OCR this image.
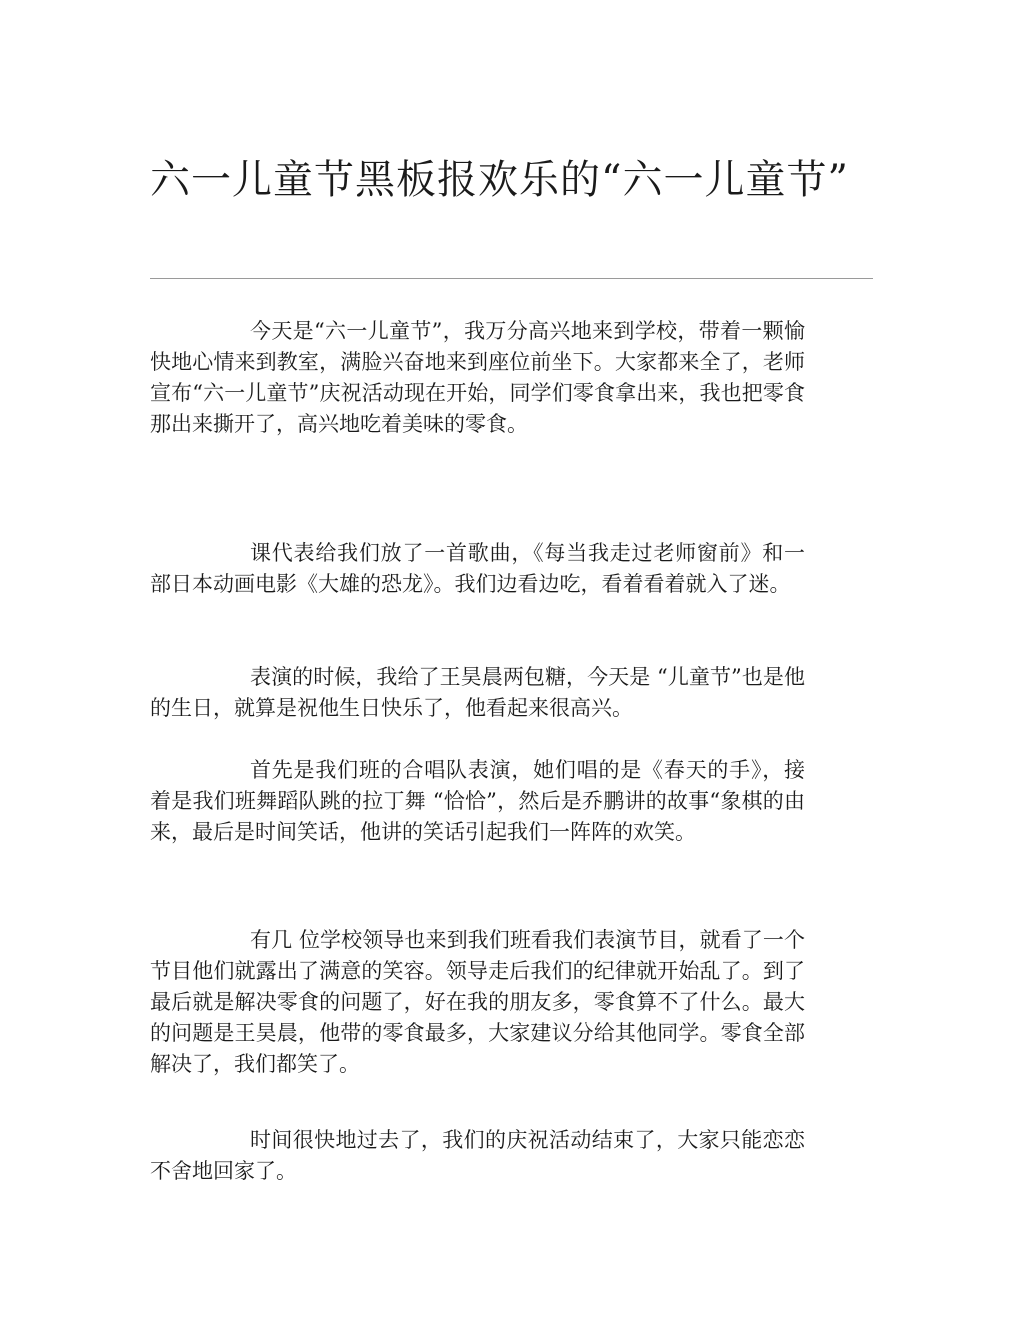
六一儿童节黑板报欢乐的“六一儿童节”

今天是“六一儿童节”，我万分高兴地来到学校，带着一颗愉快地心情来到教室，满脸兴奋地来到座位前坐下。大家都来全了，老师宣布“六一儿童节”庆祝活动现在开始，同学们零食拿出来，我也把零食那出来撕开了，高兴地吃着美味的零食。

课代表给我们放了一首歌曲，《每当我走过老师窗前》和一部日本动画电影《大雄的恐龙》。我们边看边吃，看着看着就入了迷。

表演的时候，我给了王昊晨两包糖，今天是 “儿童节”也是他的生日，就算是祝他生日快乐了，他看起来很高兴。

首先是我们班的合唱队表演，她们唱的是《春天的手》，接着是我们班舞蹈队跳的拉丁舞 “恰恰”，然后是乔鹏讲的故事“象棋的由来，最后是时间笑话，他讲的笑话引起我们一阵阵的欢笑。

有几 位学校领导也来到我们班看我们表演节目，就看了一个节目他们就露出了满意的笑容。领导走后我们的纪律就开始乱了。到了最后就是解决零食的问题了，好在我的朋友多，零食算不了什么。最大的问题是王昊晨，他带的零食最多，大家建议分给其他同学。零食全部解决了，我们都笑了。

时间很快地过去了，我们的庆祝活动结束了，大家只能恋恋不舍地回家了。
